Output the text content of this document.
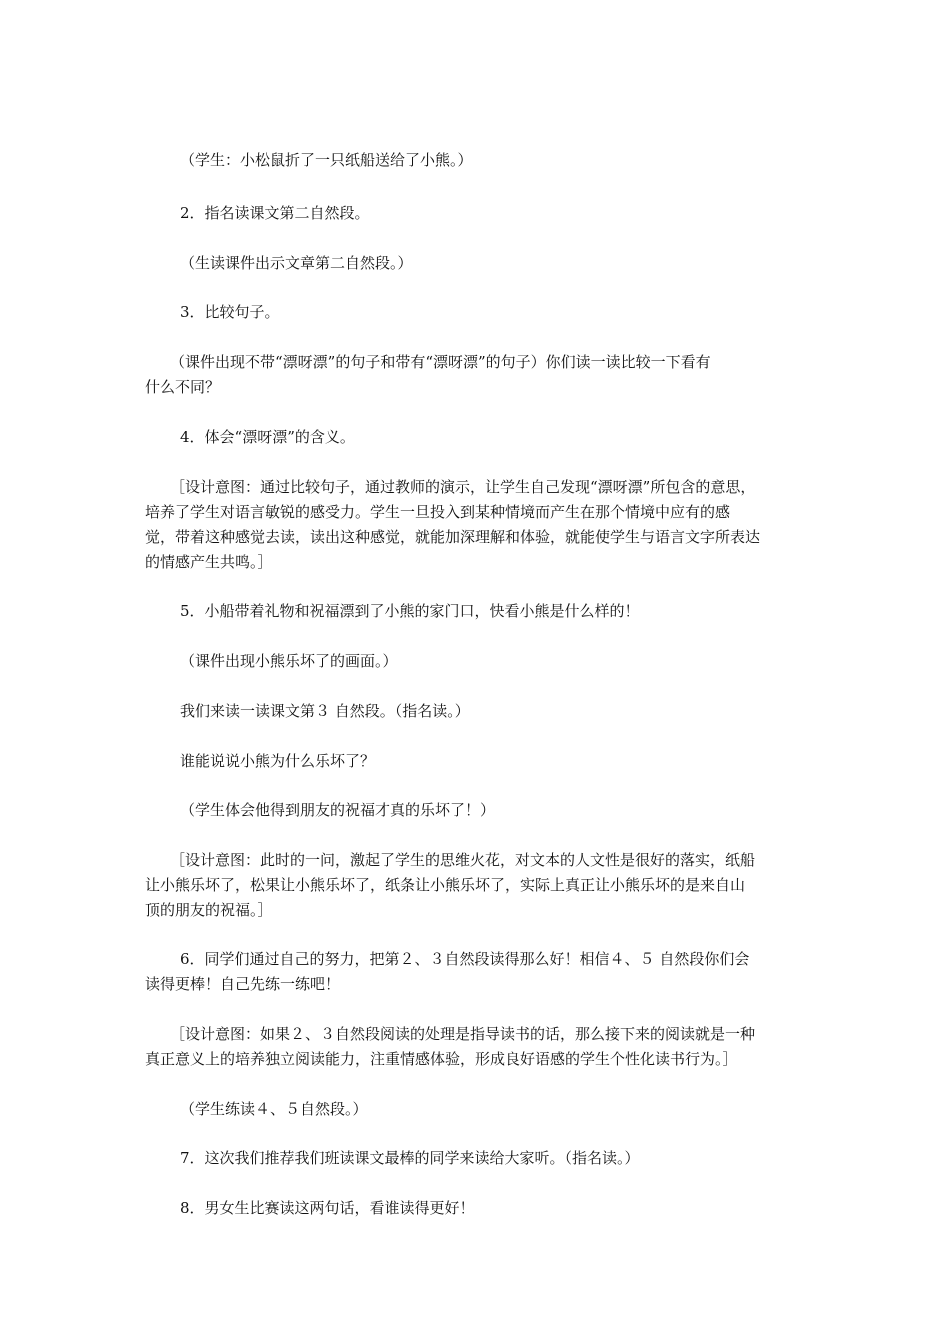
（学生：小松鼠折了一只纸船送给了小熊。）
2．指名读课文第二自然段。
（生读课件出示文章第二自然段。）
3．比较句子。
（课件出现不带“漂呀漂”的句子和带有“漂呀漂”的句子）你们读一读比较一下看有
什么不同？
4．体会“漂呀漂”的含义。
［设计意图：通过比较句子，通过教师的演示，让学生自己发现“漂呀漂”所包含的意思，
培养了学生对语言敏锐的感受力。学生一旦投入到某种情境而产生在那个情境中应有的感
觉，带着这种感觉去读，读出这种感觉，就能加深理解和体验，就能使学生与语言文字所表达
的情感产生共鸣。］
5．小船带着礼物和祝福漂到了小熊的家门口，快看小熊是什么样的！
（课件出现小熊乐坏了的画面。）
我们来读一读课文第３ 自然段。（指名读。）
谁能说说小熊为什么乐坏了？
（学生体会他得到朋友的祝福才真的乐坏了！）
［设计意图：此时的一问，激起了学生的思维火花，对文本的人文性是很好的落实，纸船
让小熊乐坏了，松果让小熊乐坏了，纸条让小熊乐坏了，实际上真正让小熊乐坏的是来自山
顶的朋友的祝福。］
6．同学们通过自己的努力，把第２、３自然段读得那么好！相信４、５ 自然段你们会
读得更棒！自己先练一练吧！
［设计意图：如果２、３自然段阅读的处理是指导读书的话，那么接下来的阅读就是一种
真正意义上的培养独立阅读能力，注重情感体验，形成良好语感的学生个性化读书行为。］
（学生练读４、５自然段。）
7．这次我们推荐我们班读课文最棒的同学来读给大家听。（指名读。）
8．男女生比赛读这两句话，看谁读得更好！
